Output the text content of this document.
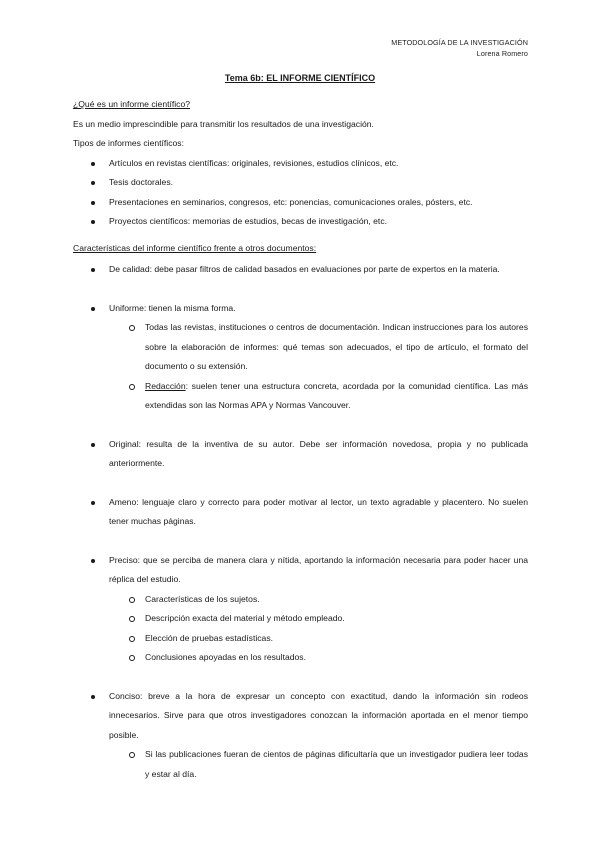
METODOLOGÍA DE LA INVESTIGACIÓN
Lorena Romero
Tema 6b: EL INFORME CIENTÍFICO
¿Qué es un informe científico?
Es un medio imprescindible para transmitir los resultados de una investigación.
Tipos de informes científicos:
Artículos en revistas científicas: originales, revisiones, estudios clínicos, etc.
Tesis doctorales.
Presentaciones en seminarios, congresos, etc: ponencias, comunicaciones orales, pósters, etc.
Proyectos científicos: memorias de estudios, becas de investigación, etc.
Características del informe científico frente a otros documentos:
De calidad: debe pasar filtros de calidad basados en evaluaciones por parte de expertos en la materia.
Uniforme: tienen la misma forma.
Todas las revistas, instituciones o centros de documentación. Indican instrucciones para los autores sobre la elaboración de informes: qué temas son adecuados, el tipo de artículo, el formato del documento o su extensión.
Redacción: suelen tener una estructura concreta, acordada por la comunidad científica. Las más extendidas son las Normas APA y Normas Vancouver.
Original: resulta de la inventiva de su autor. Debe ser información novedosa, propia y no publicada anteriormente.
Ameno: lenguaje claro y correcto para poder motivar al lector, un texto agradable y placentero. No suelen tener muchas páginas.
Preciso: que se perciba de manera clara y nítida, aportando la información necesaria para poder hacer una réplica del estudio.
Características de los sujetos.
Descripción exacta del material y método empleado.
Elección de pruebas estadísticas.
Conclusiones apoyadas en los resultados.
Conciso: breve a la hora de expresar un concepto con exactitud, dando la información sin rodeos innecesarios. Sirve para que otros investigadores conozcan la información aportada en el menor tiempo posible.
Si las publicaciones fueran de cientos de páginas dificultaría que un investigador pudiera leer todas y estar al día.
